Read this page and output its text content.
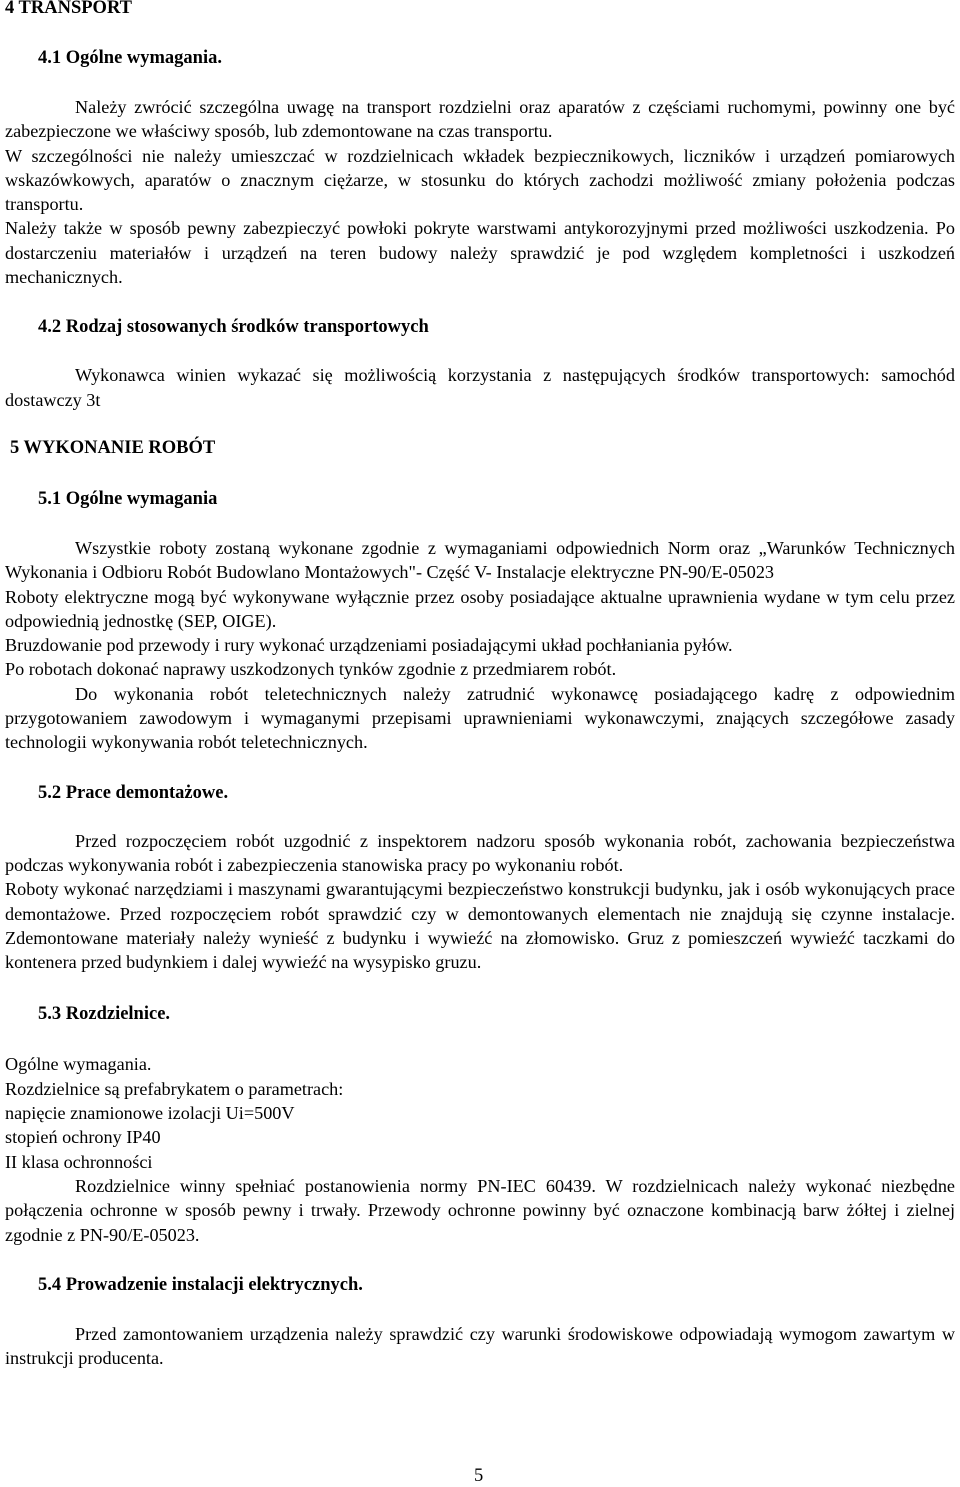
4 TRANSPORT

4.1 Ogólne wymagania.

Należy zwrócić szczególna uwagę na transport rozdzielni oraz aparatów z częściami ruchomymi, powinny one być zabezpieczone we właściwy sposób, lub zdemontowane na czas transportu.

W szczególności nie należy umieszczać w rozdzielnicach wkładek bezpiecznikowych, liczników i urządzeń pomiarowych wskazówkowych, aparatów o znacznym ciężarze, w stosunku do których zachodzi możliwość zmiany położenia podczas transportu.

Należy także w sposób pewny zabezpieczyć powłoki pokryte warstwami antykorozyjnymi przed możliwości uszkodzenia. Po dostarczeniu materiałów i urządzeń na teren budowy należy sprawdzić je pod względem kompletności i uszkodzeń mechanicznych.

4.2 Rodzaj stosowanych środków transportowych

Wykonawca winien wykazać się możliwością korzystania z następujących środków transportowych: samochód dostawczy 3t

5 WYKONANIE ROBÓT

5.1 Ogólne wymagania

Wszystkie roboty zostaną wykonane zgodnie z wymaganiami odpowiednich Norm oraz „Warunków Technicznych Wykonania i Odbioru Robót Budowlano Montażowych"- Część V- Instalacje elektryczne PN-90/E-05023

Roboty elektryczne mogą być wykonywane wyłącznie przez osoby posiadające aktualne uprawnienia wydane w tym celu przez odpowiednią jednostkę (SEP, OIGE).

Bruzdowanie pod przewody i rury wykonać urządzeniami posiadającymi układ pochłaniania pyłów.

Po robotach dokonać naprawy uszkodzonych tynków zgodnie z przedmiarem robót.

Do wykonania robót teletechnicznych należy zatrudnić wykonawcę posiadającego kadrę z odpowiednim przygotowaniem zawodowym i wymaganymi przepisami uprawnieniami wykonawczymi, znających szczegółowe zasady technologii wykonywania robót teletechnicznych.

5.2 Prace demontażowe.

Przed rozpoczęciem robót uzgodnić z inspektorem nadzoru sposób wykonania robót, zachowania bezpieczeństwa podczas wykonywania robót i zabezpieczenia stanowiska pracy po wykonaniu robót.

Roboty wykonać narzędziami i maszynami gwarantującymi bezpieczeństwo konstrukcji budynku, jak i osób wykonujących prace demontażowe. Przed rozpoczęciem robót sprawdzić czy w demontowanych elementach nie znajdują się czynne instalacje. Zdemontowane materiały należy wynieść z budynku i wywieźć na złomowisko. Gruz z pomieszczeń wywieźć taczkami do kontenera przed budynkiem i dalej wywieźć na wysypisko gruzu.

5.3 Rozdzielnice.

Ogólne wymagania.

Rozdzielnice są prefabrykatem o parametrach:

napięcie znamionowe izolacji Ui=500V

stopień ochrony IP40

II klasa ochronności

Rozdzielnice winny spełniać postanowienia normy PN-IEC 60439. W rozdzielnicach należy wykonać niezbędne połączenia ochronne w sposób pewny i trwały. Przewody ochronne powinny być oznaczone kombinacją barw żółtej i zielnej zgodnie z PN-90/E-05023.

5.4 Prowadzenie instalacji elektrycznych.

Przed zamontowaniem urządzenia należy sprawdzić czy warunki środowiskowe odpowiadają wymogom zawartym w instrukcji producenta.

5
